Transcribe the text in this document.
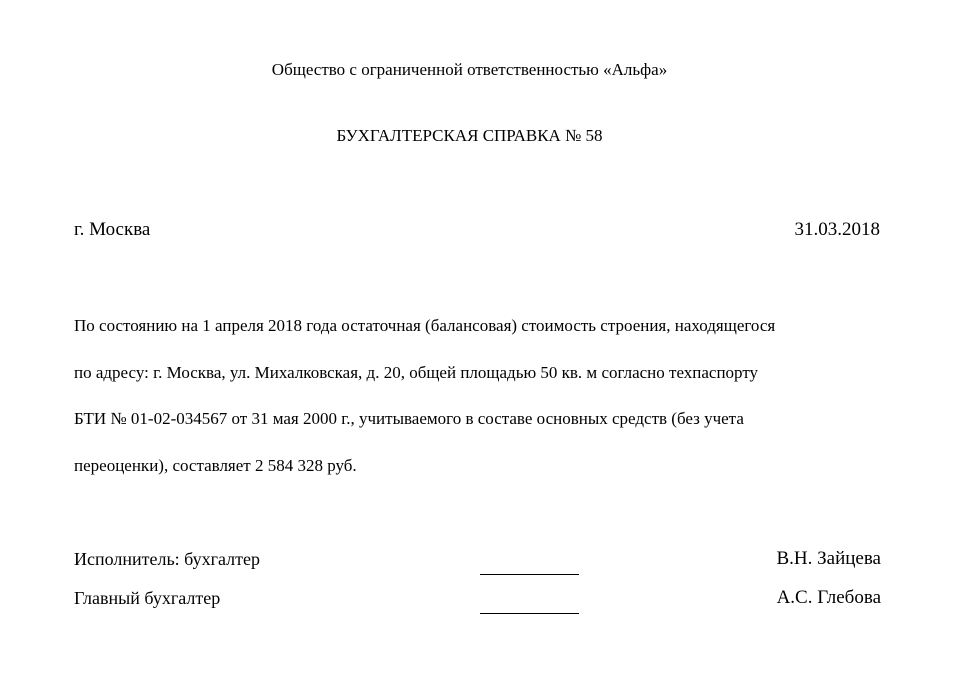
Общество с ограниченной ответственностью «Альфа»
БУХГАЛТЕРСКАЯ СПРАВКА № 58
г. Москва	31.03.2018
По состоянию на 1 апреля 2018 года остаточная (балансовая) стоимость строения, находящегося
по адресу: г. Москва, ул. Михалковская, д. 20, общей площадью 50 кв. м согласно техпаспорту
БТИ № 01-02-034567 от 31 мая 2000 г., учитываемого в составе основных средств (без учета
переоценки), составляет 2 584 328 руб.
Исполнитель: бухгалтер	В.Н. Зайцева
Главный бухгалтер	А.С. Глебова
